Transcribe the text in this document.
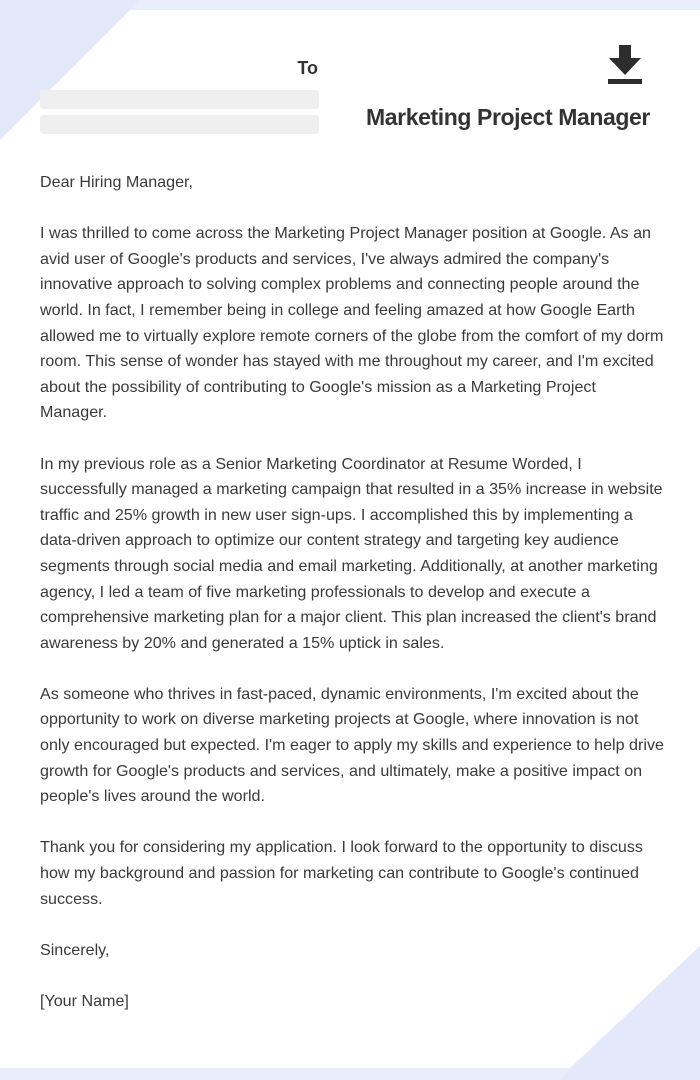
To
Marketing Project Manager

Dear Hiring Manager,

I was thrilled to come across the Marketing Project Manager position at Google. As an avid user of Google's products and services, I've always admired the company's innovative approach to solving complex problems and connecting people around the world. In fact, I remember being in college and feeling amazed at how Google Earth allowed me to virtually explore remote corners of the globe from the comfort of my dorm room. This sense of wonder has stayed with me throughout my career, and I'm excited about the possibility of contributing to Google's mission as a Marketing Project Manager.

In my previous role as a Senior Marketing Coordinator at Resume Worded, I successfully managed a marketing campaign that resulted in a 35% increase in website traffic and 25% growth in new user sign-ups. I accomplished this by implementing a data-driven approach to optimize our content strategy and targeting key audience segments through social media and email marketing. Additionally, at another marketing agency, I led a team of five marketing professionals to develop and execute a comprehensive marketing plan for a major client. This plan increased the client's brand awareness by 20% and generated a 15% uptick in sales.

As someone who thrives in fast-paced, dynamic environments, I'm excited about the opportunity to work on diverse marketing projects at Google, where innovation is not only encouraged but expected. I'm eager to apply my skills and experience to help drive growth for Google's products and services, and ultimately, make a positive impact on people's lives around the world.

Thank you for considering my application. I look forward to the opportunity to discuss how my background and passion for marketing can contribute to Google's continued success.

Sincerely,

[Your Name]
